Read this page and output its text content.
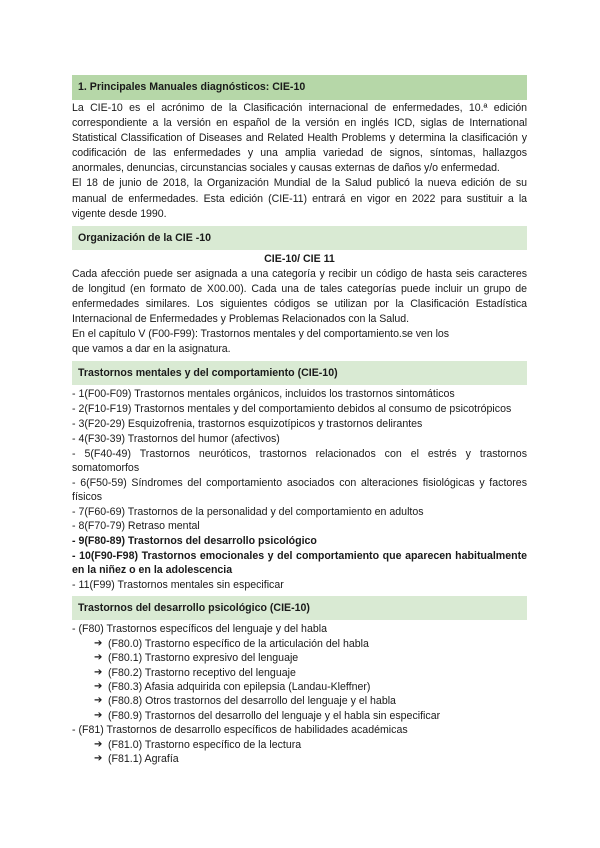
1. Principales Manuales diagnósticos: CIE-10

La CIE-10 es el acrónimo de la Clasificación internacional de enfermedades, 10.ª edición correspondiente a la versión en español de la versión en inglés ICD, siglas de International Statistical Classification of Diseases and Related Health Problems y determina la clasificación y codificación de las enfermedades y una amplia variedad de signos, síntomas, hallazgos anormales, denuncias, circunstancias sociales y causas externas de daños y/o enfermedad.

El 18 de junio de 2018, la Organización Mundial de la Salud publicó la nueva edición de su manual de enfermedades. Esta edición (CIE-11) entrará en vigor en 2022 para sustituir a la vigente desde 1990.

Organización de la CIE -10

CIE-10/ CIE 11

Cada afección puede ser asignada a una categoría y recibir un código de hasta seis caracteres de longitud (en formato de X00.00). Cada una de tales categorías puede incluir un grupo de enfermedades similares. Los siguientes códigos se utilizan por la Clasificación Estadística Internacional de Enfermedades y Problemas Relacionados con la Salud.

En el capítulo V (F00-F99): Trastornos mentales y del comportamiento.se ven los que vamos a dar en la asignatura.

Trastornos mentales y del comportamiento (CIE-10)

- 1(F00-F09) Trastornos mentales orgánicos, incluidos los trastornos sintomáticos

- 2(F10-F19) Trastornos mentales y del comportamiento debidos al consumo de psicotrópicos

- 3(F20-29) Esquizofrenia, trastornos esquizotípicos y trastornos delirantes

- 4(F30-39) Trastornos del humor (afectivos)

- 5(F40-49) Trastornos neuróticos, trastornos relacionados con el estrés y trastornos somatomorfos

- 6(F50-59) Síndromes del comportamiento asociados con alteraciones fisiológicas y factores físicos

- 7(F60-69) Trastornos de la personalidad y del comportamiento en adultos

- 8(F70-79) Retraso mental

- 9(F80-89) Trastornos del desarrollo psicológico

- 10(F90-F98) Trastornos emocionales y del comportamiento que aparecen habitualmente en la niñez o en la adolescencia

- 11(F99) Trastornos mentales sin especificar

Trastornos del desarrollo psicológico (CIE-10)

- (F80) Trastornos específicos del lenguaje y del habla

➔ (F80.0) Trastorno específico de la articulación del habla

➔ (F80.1) Trastorno expresivo del lenguaje

➔ (F80.2) Trastorno receptivo del lenguaje

➔ (F80.3) Afasia adquirida con epilepsia (Landau-Kleffner)

➔ (F80.8) Otros trastornos del desarrollo del lenguaje y el habla

➔ (F80.9) Trastornos del desarrollo del lenguaje y el habla sin especificar

- (F81) Trastornos de desarrollo específicos de habilidades académicas

➔ (F81.0) Trastorno específico de la lectura

➔ (F81.1) Agrafía
